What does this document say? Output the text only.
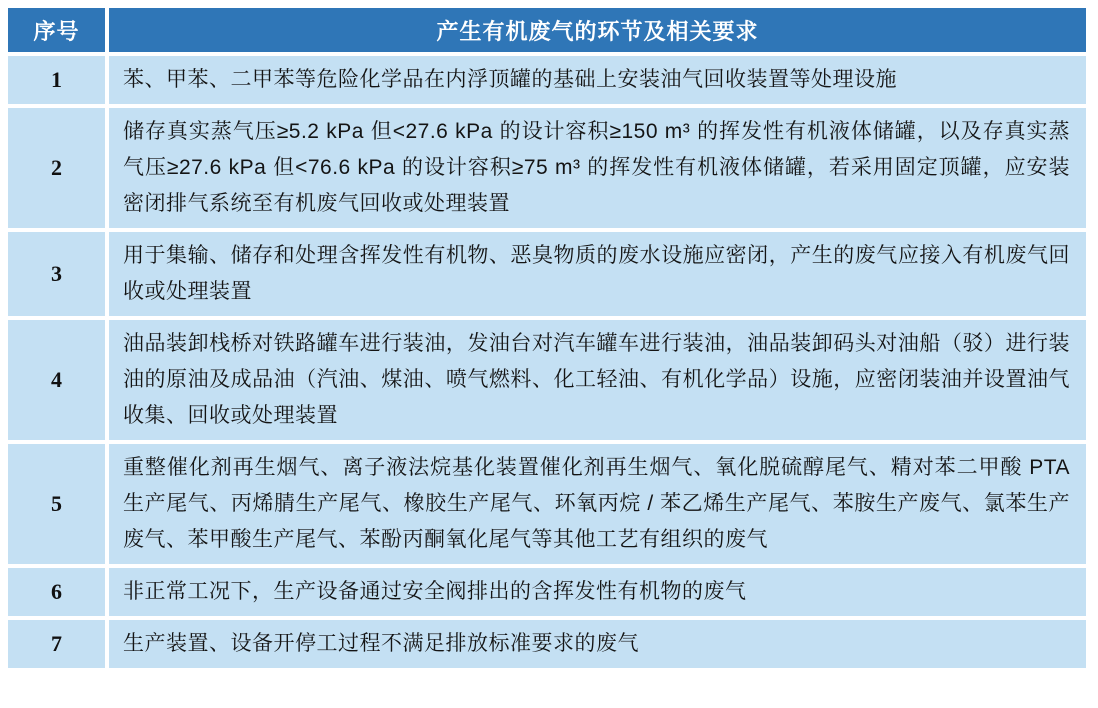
序号	产生有机废气的环节及相关要求
1	苯、甲苯、二甲苯等危险化学品在内浮顶罐的基础上安装油气回收装置等处理设施
2	储存真实蒸气压≥5.2 kPa 但<27.6 kPa 的设计容积≥150 m³ 的挥发性有机液体储罐，以及存真实蒸气压≥27.6 kPa 但<76.6 kPa 的设计容积≥75 m³ 的挥发性有机液体储罐，若采用固定顶罐，应安装密闭排气系统至有机废气回收或处理装置
3	用于集输、储存和处理含挥发性有机物、恶臭物质的废水设施应密闭，产生的废气应接入有机废气回收或处理装置
4	油品装卸栈桥对铁路罐车进行装油，发油台对汽车罐车进行装油，油品装卸码头对油船（驳）进行装油的原油及成品油（汽油、煤油、喷气燃料、化工轻油、有机化学品）设施，应密闭装油并设置油气收集、回收或处理装置
5	重整催化剂再生烟气、离子液法烷基化装置催化剂再生烟气、氧化脱硫醇尾气、精对苯二甲酸 PTA 生产尾气、丙烯腈生产尾气、橡胶生产尾气、环氧丙烷 / 苯乙烯生产尾气、苯胺生产废气、氯苯生产废气、苯甲酸生产尾气、苯酚丙酮氧化尾气等其他工艺有组织的废气
6	非正常工况下，生产设备通过安全阀排出的含挥发性有机物的废气
7	生产装置、设备开停工过程不满足排放标准要求的废气
